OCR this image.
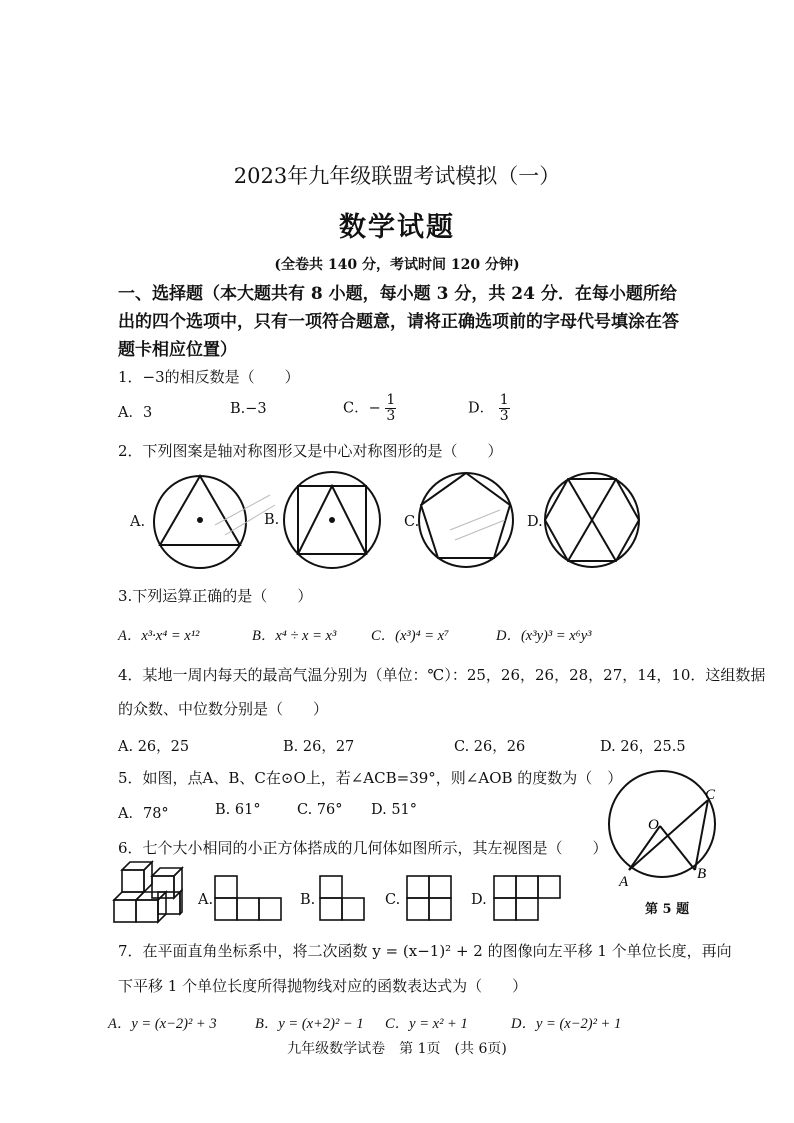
2023年九年级联盟考试模拟（一）
数学试题
(全卷共 140 分，考试时间 120 分钟)
一、选择题（本大题共有 8 小题，每小题 3 分，共 24 分．在每小题所给出的四个选项中，只有一项符合题意，请将正确选项前的字母代号填涂在答题卡相应位置）
1．−3的相反数是（　　）
A．3	B.−3	C．− $\frac{1}{3}$	D． $\frac{1}{3}$
2．下列图案是轴对称图形又是中心对称图形的是（　　）
A.	B.	C.	D.
3.下列运算正确的是（　　）
A．x³·x⁴ = x¹²	B．x⁴ ÷ x = x³ C．(x³)⁴ = x⁷	D．(x³y)³ = x⁶y³
4．某地一周内每天的最高气温分别为（单位：℃）：25，26，26，28，27，14，10．这组数据
的众数、中位数分别是（　　）
A. 26，25	B. 26，27	C. 26，26	D. 26，25.5
5．如图，点A、B、C在⊙O上，若∠ACB=39°，则∠AOB 的度数为（　）
A．78°	B. 61°	C. 76° D. 51°
O
A	B
C
第 5 题
6．七个大小相同的小正方体搭成的几何体如图所示，其左视图是（　　）
A.	B.	C.	D.
7．在平面直角坐标系中，将二次函数 y = (x−1)² + 2 的图像向左平移 1 个单位长度，再向
下平移 1 个单位长度所得抛物线对应的函数表达式为（　　）
A．y = (x−2)² + 3	B．y = (x+2)² − 1 C．y = x² + 1	D．y = (x−2)² + 1
九年级数学试卷　第 1页　(共 6页)
